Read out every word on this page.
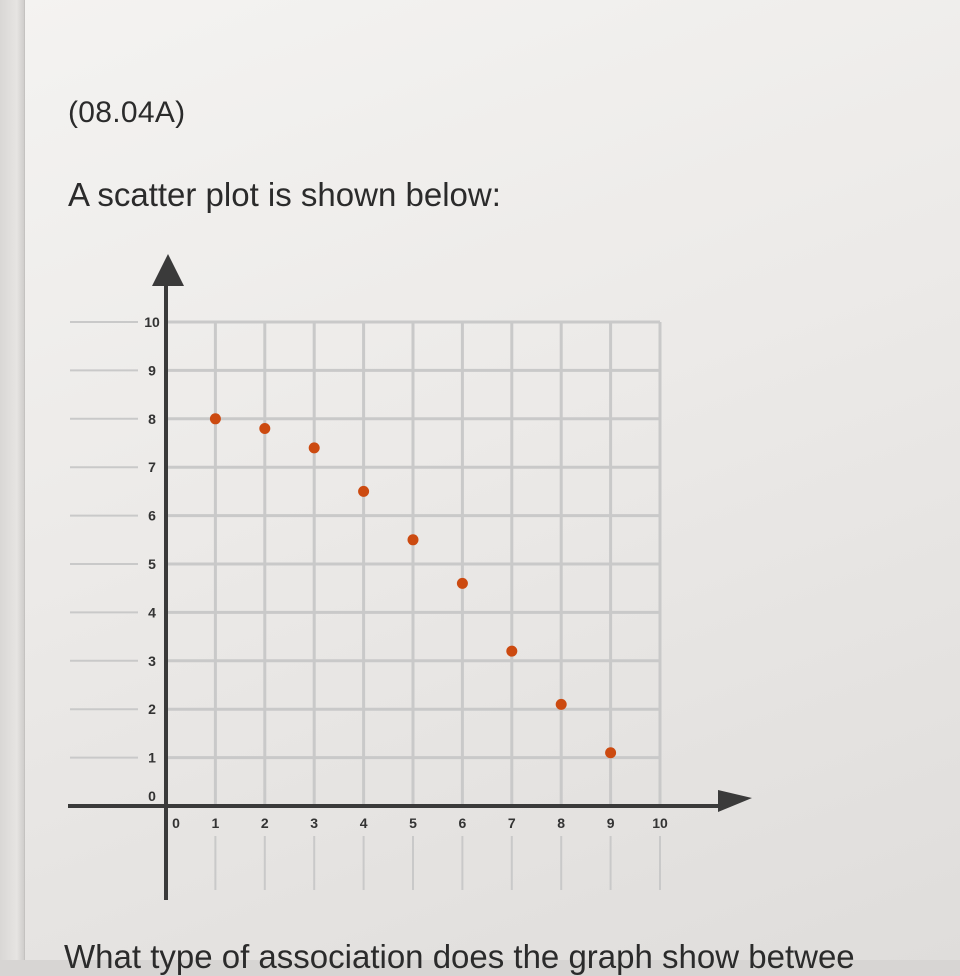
(08.04A)
A scatter plot is shown below:
0 1	2	3	4	5	6	7	8	9	10
0
1
2
3
4
5
6
7
8
9
10
What type of association does the graph show betwee
